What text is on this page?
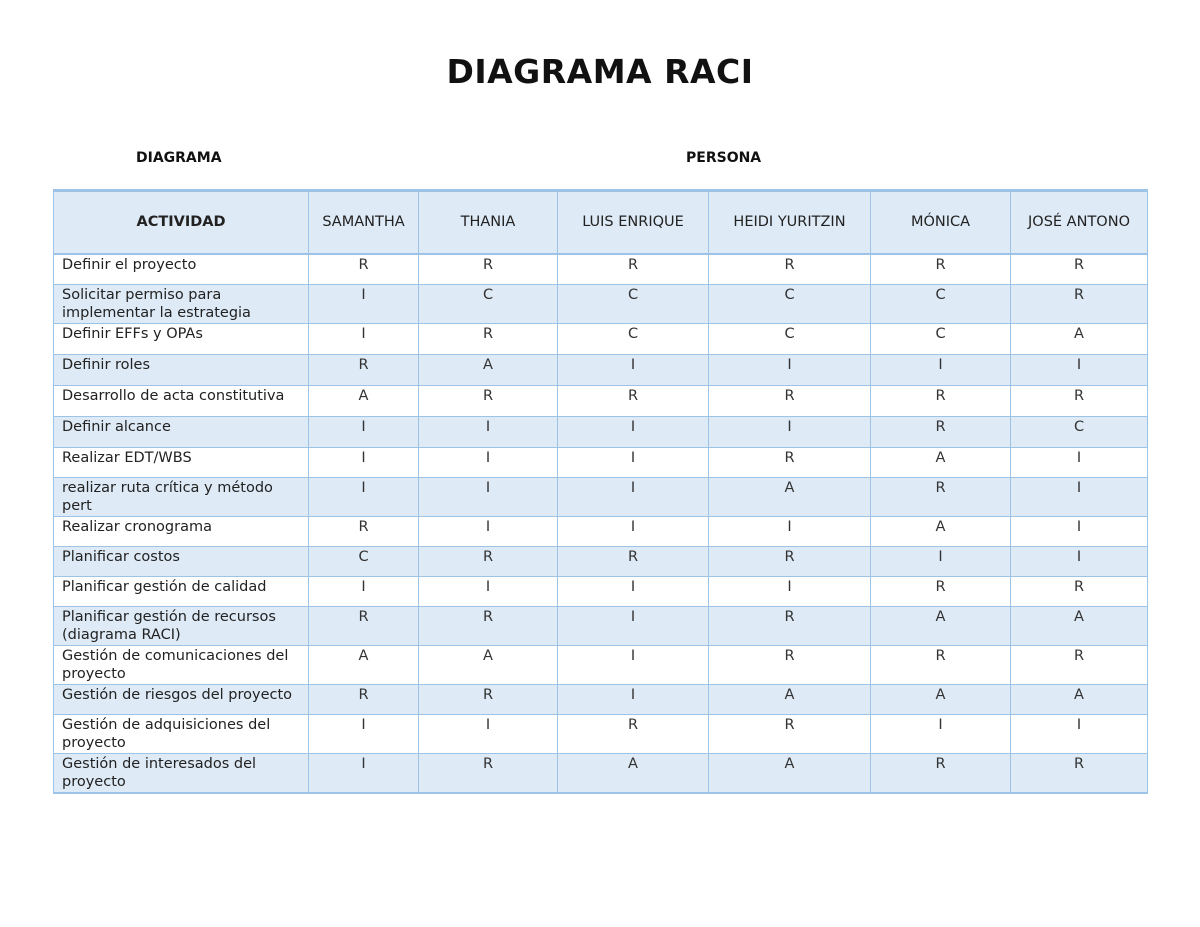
DIAGRAMA RACI
DIAGRAMA	PERSONA
ACTIVIDAD	SAMANTHA	THANIA	LUIS ENRIQUE	HEIDI YURITZIN	MÓNICA	JOSÉ ANTONO
Definir el proyecto	R	R	R	R	R	R
Solicitar permiso para implementar la estrategia	I	C	C	C	C	R
Definir EFFs y OPAs	I	R	C	C	C	A
Definir roles	R	A	I	I	I	I
Desarrollo de acta constitutiva	A	R	R	R	R	R
Definir alcance	I	I	I	I	R	C
Realizar EDT/WBS	I	I	I	R	A	I
realizar ruta crítica y método pert	I	I	I	A	R	I
Realizar cronograma	R	I	I	I	A	I
Planificar costos	C	R	R	R	I	I
Planificar gestión de calidad	I	I	I	I	R	R
Planificar gestión de recursos (diagrama RACI)	R	R	I	R	A	A
Gestión de comunicaciones del proyecto	A	A	I	R	R	R
Gestión de riesgos del proyecto	R	R	I	A	A	A
Gestión de adquisiciones del proyecto	I	I	R	R	I	I
Gestión de interesados del proyecto	I	R	A	A	R	R
